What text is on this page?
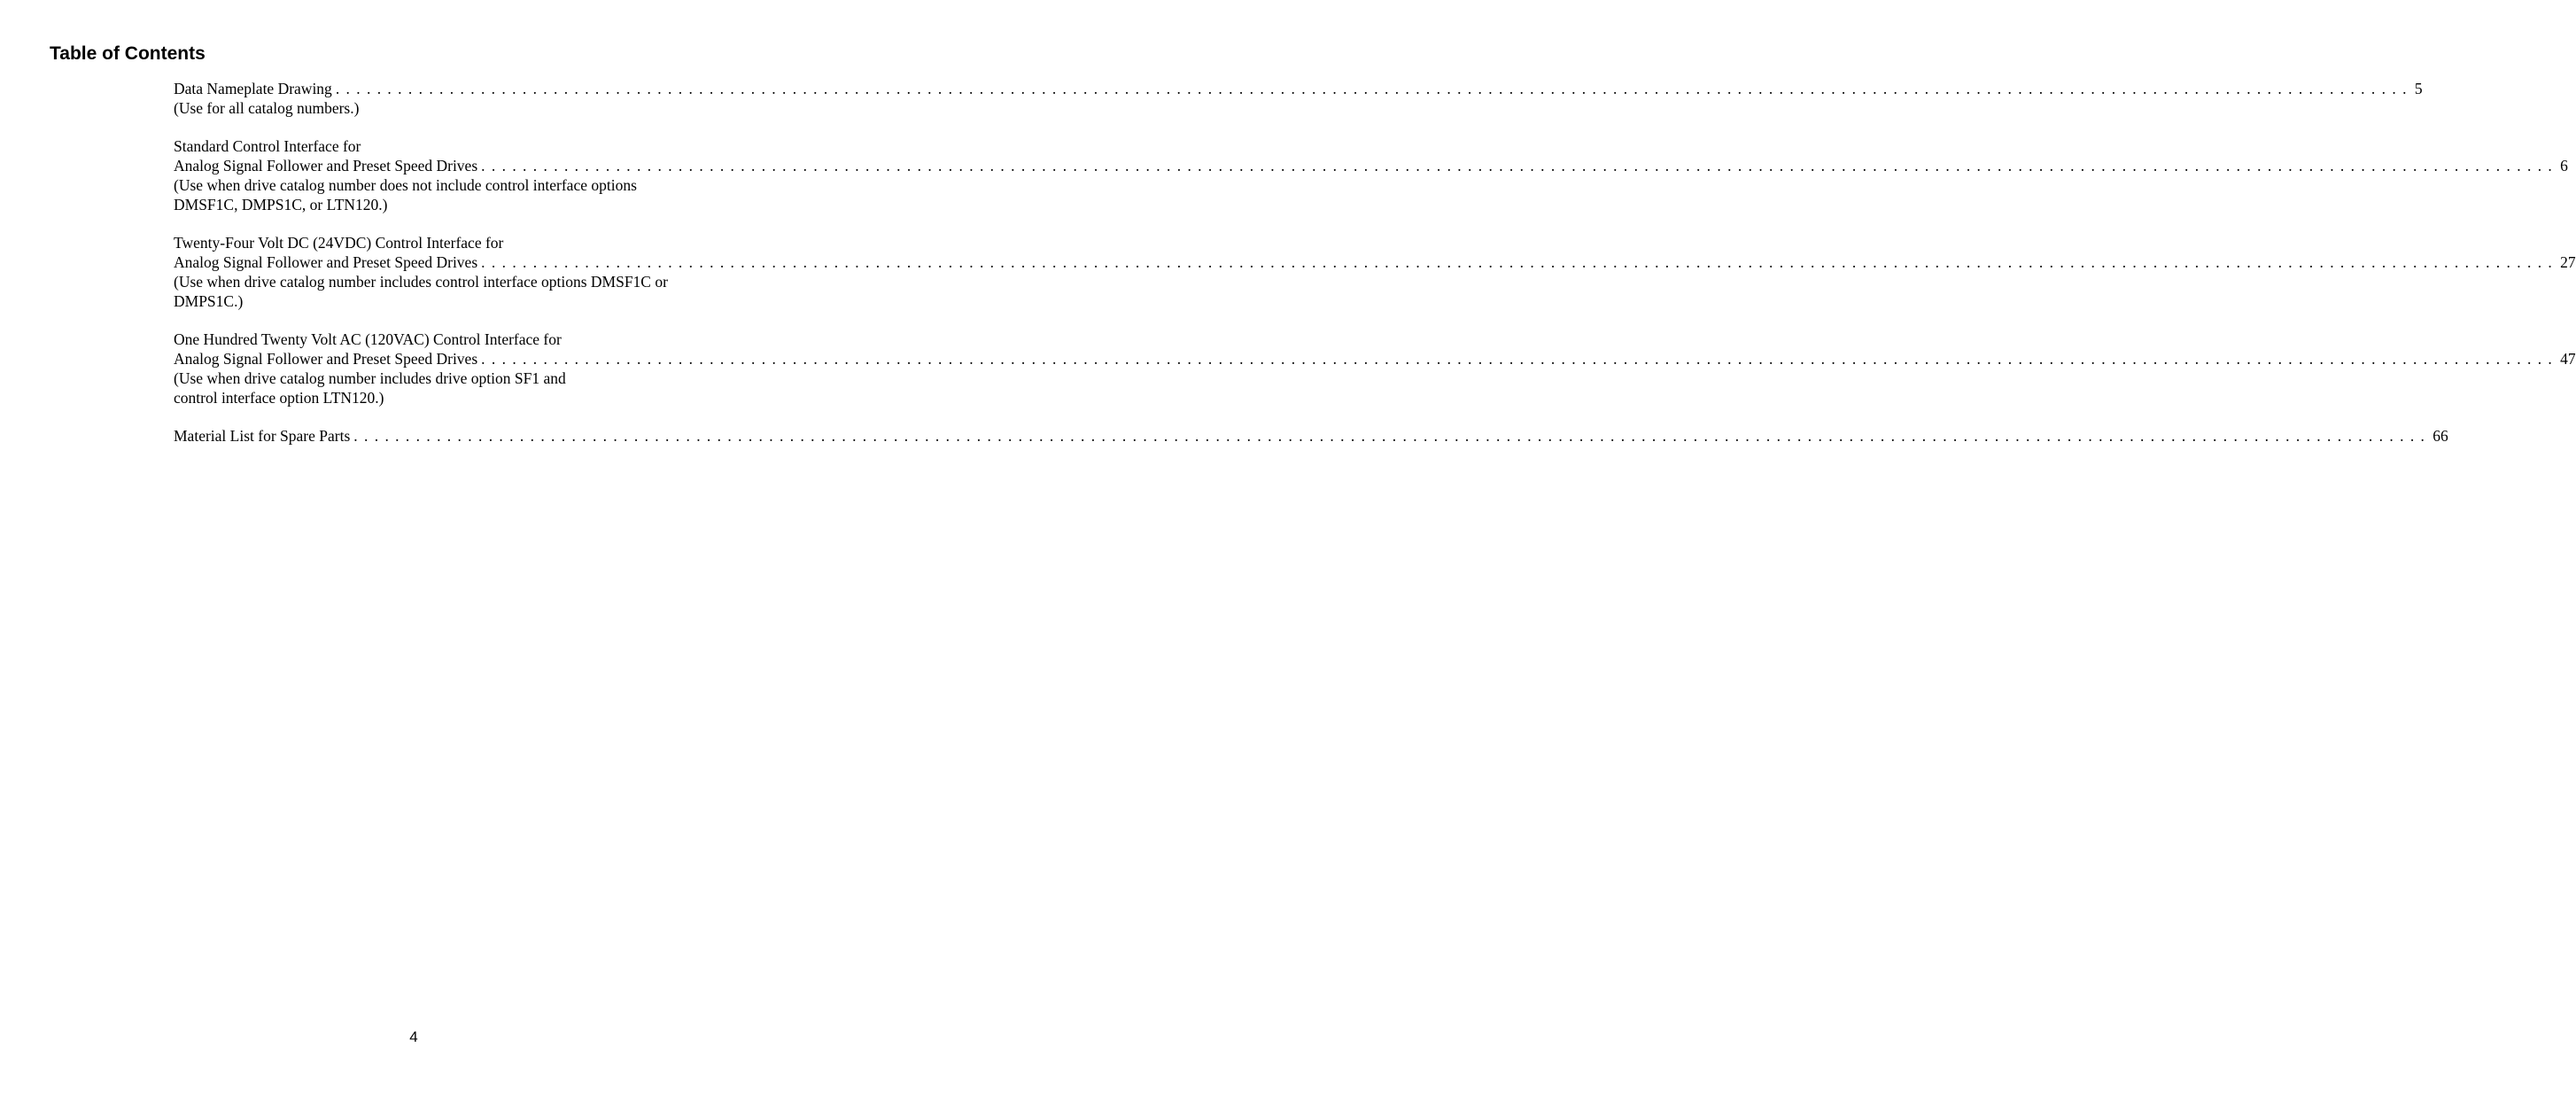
Table of Contents
Data Nameplate Drawing ........................................................................................................................................................................................................ 5
(Use for all catalog numbers.)
Standard Control Interface for
Analog Signal Follower and Preset Speed Drives ........................................................................................................................................................................................................ 6
(Use when drive catalog number does not include control interface options
DMSF1C, DMPS1C, or LTN120.)
Twenty-Four Volt DC (24VDC) Control Interface for
Analog Signal Follower and Preset Speed Drives ........................................................................................................................................................................................................ 27
(Use when drive catalog number includes control interface options DMSF1C or
DMPS1C.)
One Hundred Twenty Volt AC (120VAC) Control Interface for
Analog Signal Follower and Preset Speed Drives ........................................................................................................................................................................................................ 47
(Use when drive catalog number includes drive option SF1 and
control interface option LTN120.)
Material List for Spare Parts ........................................................................................................................................................................................................ 66
4
